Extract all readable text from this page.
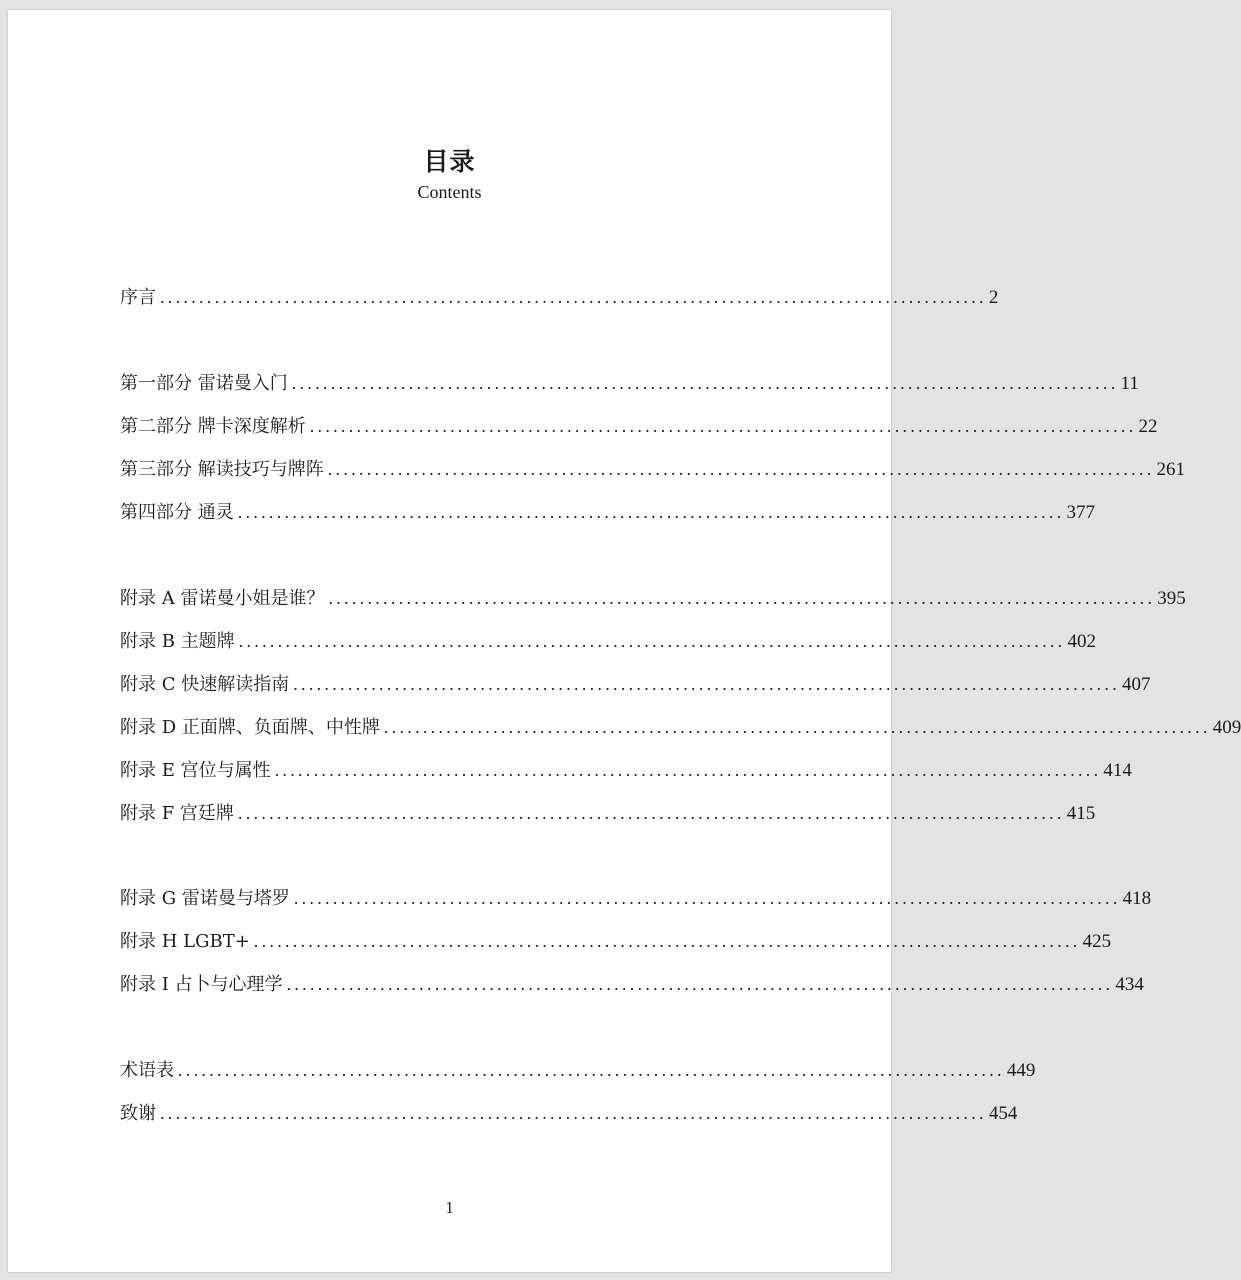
目录
Contents
序言 .......................................................................................................... 2
第一部分 雷诺曼入门 .......................................................................................................... 11
第二部分 牌卡深度解析 .......................................................................................................... 22
第三部分 解读技巧与牌阵 .......................................................................................................... 261
第四部分 通灵 .......................................................................................................... 377
附录 A 雷诺曼小姐是谁？ .......................................................................................................... 395
附录 B 主题牌 .......................................................................................................... 402
附录 C 快速解读指南 .......................................................................................................... 407
附录 D 正面牌、负面牌、中性牌 .......................................................................................................... 409
附录 E 宫位与属性 .......................................................................................................... 414
附录 F 宫廷牌 .......................................................................................................... 415
附录 G 雷诺曼与塔罗 .......................................................................................................... 418
附录 H LGBT+ .......................................................................................................... 425
附录 I 占卜与心理学 .......................................................................................................... 434
术语表 .......................................................................................................... 449
致谢 .......................................................................................................... 454
1
